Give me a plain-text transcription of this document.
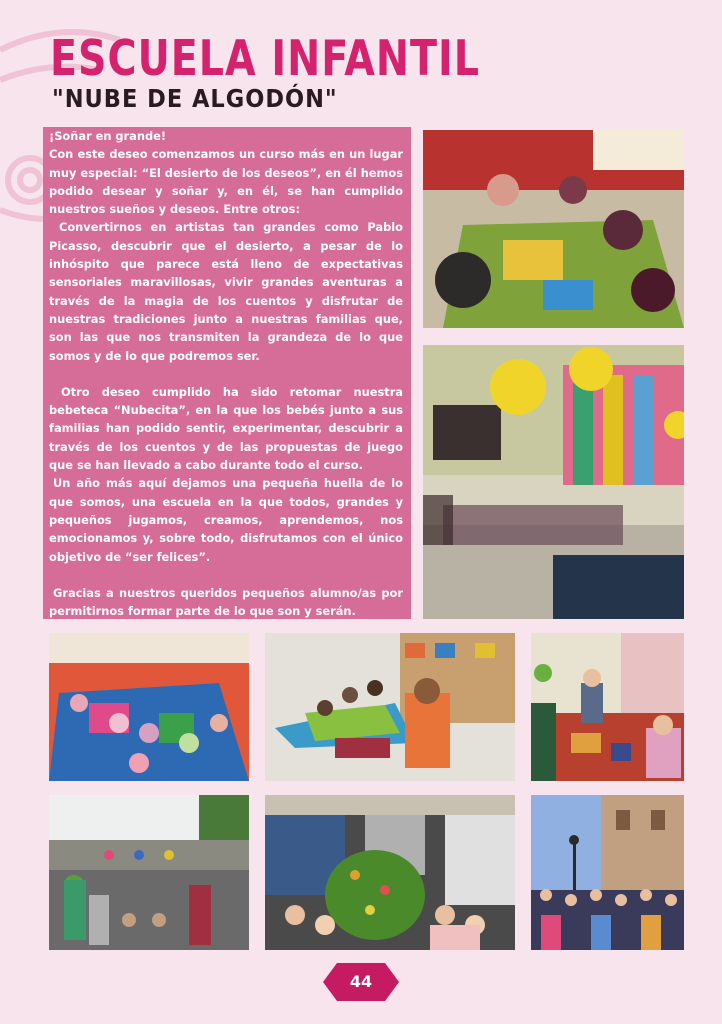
ESCUELA INFANTIL
"NUBE DE ALGODÓN"

¡Soñar en grande!

Con este deseo comenzamos un curso más en un lugar muy especial: “El desierto de los deseos”, en él hemos podido desear y soñar y, en él, se han cumplido nuestros sueños y deseos. Entre otros:

Convertirnos en artistas tan grandes como Pablo Picasso, descubrir que el desierto, a pesar de lo inhóspito que parece está lleno de expectativas sensoriales maravillosas, vivir grandes aventuras a través de la magia de los cuentos y disfrutar de nuestras tradiciones junto a nuestras familias que, son las que nos transmiten la grandeza de lo que somos y de lo que podremos ser.

Otro deseo cumplido ha sido retomar nuestra bebeteca “Nubecita”, en la que los bebés junto a sus familias han podido sentir, experimentar, descubrir a través de los cuentos y de las propuestas de juego que se han llevado a cabo durante todo el curso.

Un año más aquí dejamos una pequeña huella de lo que somos, una escuela en la que todos, grandes y pequeños jugamos, creamos, aprendemos, nos emocionamos y, sobre todo, disfrutamos con el único objetivo de “ser felices”.

Gracias a nuestros queridos pequeños alumno/as por permitirnos formar parte de lo que son y serán.

44
